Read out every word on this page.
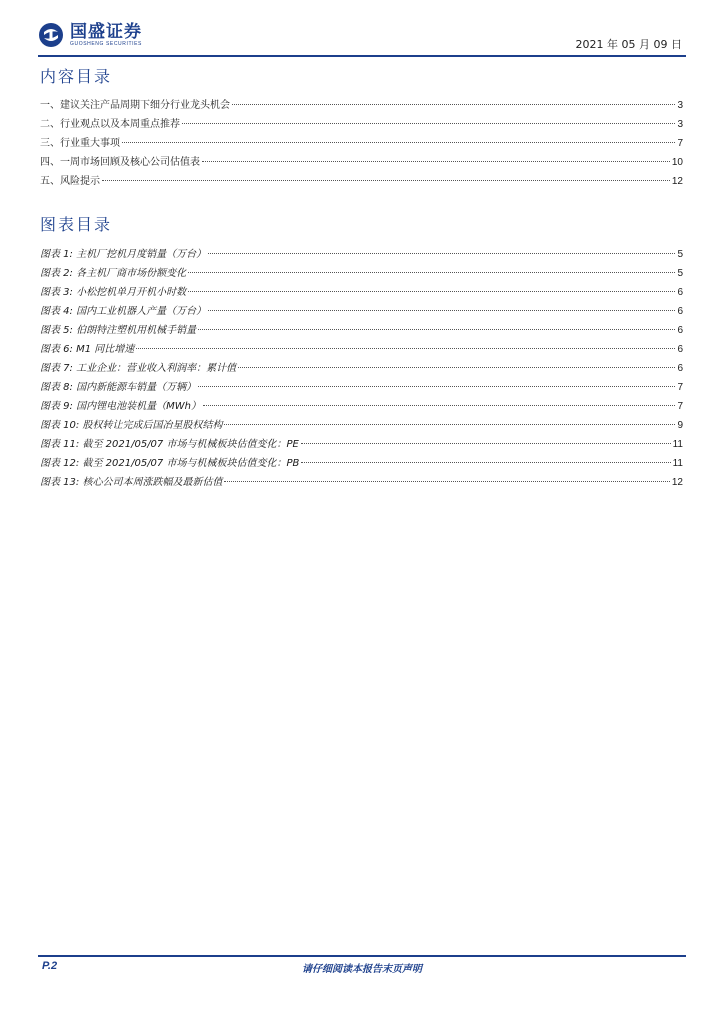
国盛证券
GUOSHENG SECURITIES	2021 年 05 月 09 日
内容目录
一、建议关注产品周期下细分行业龙头机会	3
二、行业观点以及本周重点推荐	3
三、行业重大事项	7
四、一周市场回顾及核心公司估值表	10
五、风险提示	12
图表目录
图表 1: 主机厂挖机月度销量（万台）	5
图表 2: 各主机厂商市场份额变化	5
图表 3: 小松挖机单月开机小时数	6
图表 4: 国内工业机器人产量（万台）	6
图表 5: 伯朗特注塑机用机械手销量	6
图表 6: M1 同比增速	6
图表 7: 工业企业：营业收入利润率：累计值	6
图表 8: 国内新能源车销量（万辆）	7
图表 9: 国内锂电池装机量（MWh）	7
图表 10: 股权转让完成后国冶星股权结构	9
图表 11: 截至 2021/05/07 市场与机械板块估值变化：PE	11
图表 12: 截至 2021/05/07 市场与机械板块估值变化：PB	11
图表 13: 核心公司本周涨跌幅及最新估值	12
P.2	请仔细阅读本报告末页声明
